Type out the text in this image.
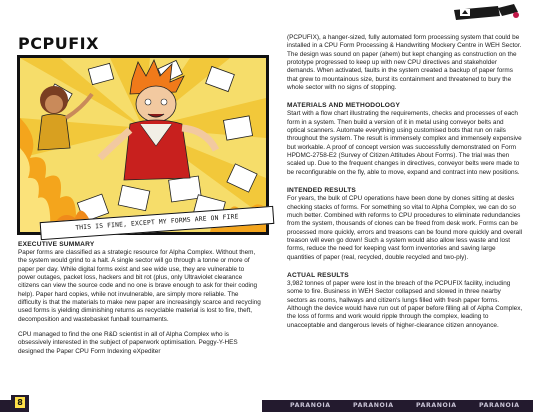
PCPUFIX
THIS IS FINE, EXCEPT MY FORMS ARE ON FIRE
EXECUTIVE SUMMARY

Paper forms are classified as a strategic resource for Alpha Complex. Without them, the system would grind to a halt. A single sector will go through a tonne or more of paper per day. While digital forms exist and see wide use, they are vulnerable to power outages, packet loss, hackers and bit rot (plus, only Ultraviolet clearance citizens can view the source code and no one is brave enough to ask for their coding help). Paper hard copies, while not invulnerable, are simply more reliable. The difficulty is that the materials to make new paper are increasingly scarce and recycling used forms is yielding diminishing returns as recyclable material is lost to fire, theft, decomposition and wastebasket funball tournaments.

CPU managed to find the one R&D scientist in all of Alpha Complex who is obsessively interested in the subject of paperwork optimisation. Peggy-Y-HES designed the Paper CPU Form Indexing eXpediter

(PCPUFIX), a hanger-sized, fully automated form processing system that could be installed in a CPU Form Processing & Handwriting Mockery Centre in WEH Sector. The design was sound on paper (ahem) but kept changing as construction on the prototype progressed to keep up with new CPU directives and stakeholder demands. When activated, faults in the system created a backup of paper forms that grew to mountainous size, burst its containment and threatened to bury the whole sector with no signs of stopping.

MATERIALS AND METHODOLOGY

Start with a flow chart illustrating the requirements, checks and processes of each form in a system. Then build a version of it in metal using conveyor belts and optical scanners. Automate everything using customised bots that run on rails throughout the system. The result is immensely complex and immensely expensive but workable. A proof of concept version was successfully demonstrated on Form HPDMC-2758-E2 (Survey of Citizen Attitudes About Forms). The trial was then scaled up. Due to the frequent changes in directives, conveyor belts were made to be reconfigurable on the fly, able to move, expand and contract into new positions.

INTENDED RESULTS

For years, the bulk of CPU operations have been done by clones sitting at desks checking stacks of forms. For something so vital to Alpha Complex, we can do so much better. Combined with reforms to CPU procedures to eliminate redundancies from the system, thousands of clones can be freed from desk work. Forms can be processed more quickly, errors and treasons can be found more quickly and overall treason will even go down! Such a system would also allow less waste and lost forms, reduce the need for keeping vast form inventories and saving large quantities of paper (real, recycled, double recycled and two-ply).

ACTUAL RESULTS

3,982 tonnes of paper were lost in the breach of the PCPUFIX facility, including some to fire. Business in WEH Sector collapsed and slowed in three nearby sectors as rooms, hallways and citizen's lungs filled with fresh paper forms. Although the device would have run out of paper before filling all of Alpha Complex, the loss of forms and work would ripple through the complex, leading to unacceptable and dangerous levels of higher-clearance citizen annoyance.

8	PARANOIA	PARANOIA	PARANOIA	PARANOIA
